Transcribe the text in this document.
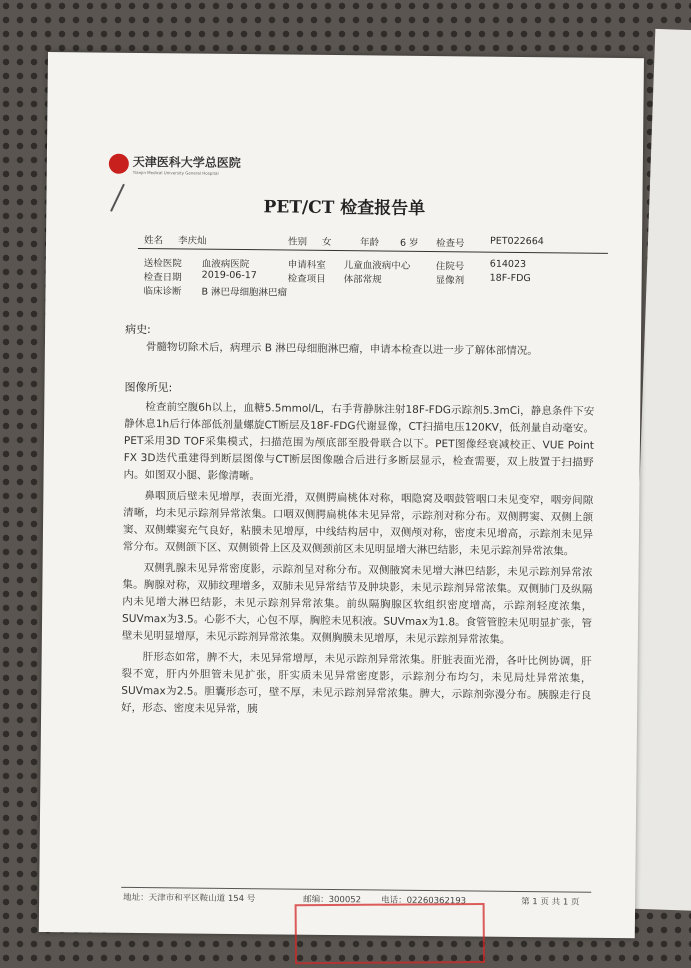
天津医科大学总医院
Tianjin Medical University General Hospital
PET/CT 检查报告单
姓名 李庆灿	性别 女	年龄 6 岁 检查号	PET022664
送检医院 血液病医院	申请科室 儿童血液病中心	住院号	614023
检查日期 2019-06-17	检查项目 体部常规	显像剂	18F-FDG
临床诊断 B 淋巴母细胞淋巴瘤
病史:

骨髓物切除术后，病理示 B 淋巴母细胞淋巴瘤，申请本检查以进一步了解体部情况。

图像所见:

检查前空腹6h以上，血糖5.5mmol/L，右手背静脉注射18F-FDG示踪剂5.3mCi，静息条件下安静休息1h后行体部低剂量螺旋CT断层及18F-FDG代谢显像，CT扫描电压120KV，低剂量自动毫安。PET采用3D TOF采集模式，扫描范围为颅底部至股骨联合以下。PET图像经衰减校正、VUE Point FX 3D迭代重建得到断层图像与CT断层图像融合后进行多断层显示，检查需要，双上肢置于扫描野内。如图双小腿、影像清晰。

鼻咽顶后壁未见增厚，表面光滑，双侧腭扁桃体对称，咽隐窝及咽鼓管咽口未见变窄，咽旁间隙清晰，均未见示踪剂异常浓集。口咽双侧腭扁桃体未见异常，示踪剂对称分布。双侧腭窦、双侧上颌窦、双侧蝶窦充气良好，粘膜未见增厚，中线结构居中，双侧颅对称，密度未见增高，示踪剂未见异常分布。双侧颌下区、双侧锁骨上区及双侧颈前区未见明显增大淋巴结影，未见示踪剂异常浓集。

双侧乳腺未见异常密度影，示踪剂呈对称分布。双侧腋窝未见增大淋巴结影，未见示踪剂异常浓集。胸腺对称，双肺纹理增多，双肺未见异常结节及肿块影，未见示踪剂异常浓集。双侧肺门及纵隔内未见增大淋巴结影，未见示踪剂异常浓集。前纵隔胸腺区软组织密度增高，示踪剂轻度浓集，SUVmax为3.5。心影不大，心包不厚，胸腔未见积液。SUVmax为1.8。食管管腔未见明显扩张，管壁未见明显增厚，未见示踪剂异常浓集。双侧胸膜未见增厚，未见示踪剂异常浓集。

肝形态如常，脾不大，未见异常增厚，未见示踪剂异常浓集。肝脏表面光滑，各叶比例协调，肝裂不宽，肝内外胆管未见扩张，肝实质未见异常密度影，示踪剂分布均匀，未见局灶异常浓集，SUVmax为2.5。胆囊形态可，壁不厚，未见示踪剂异常浓集。脾大，示踪剂弥漫分布。胰腺走行良好，形态、密度未见异常，胰

地址：天津市和平区鞍山道 154 号	邮编：300052 电话：02260362193	第 1 页 共 1 页
